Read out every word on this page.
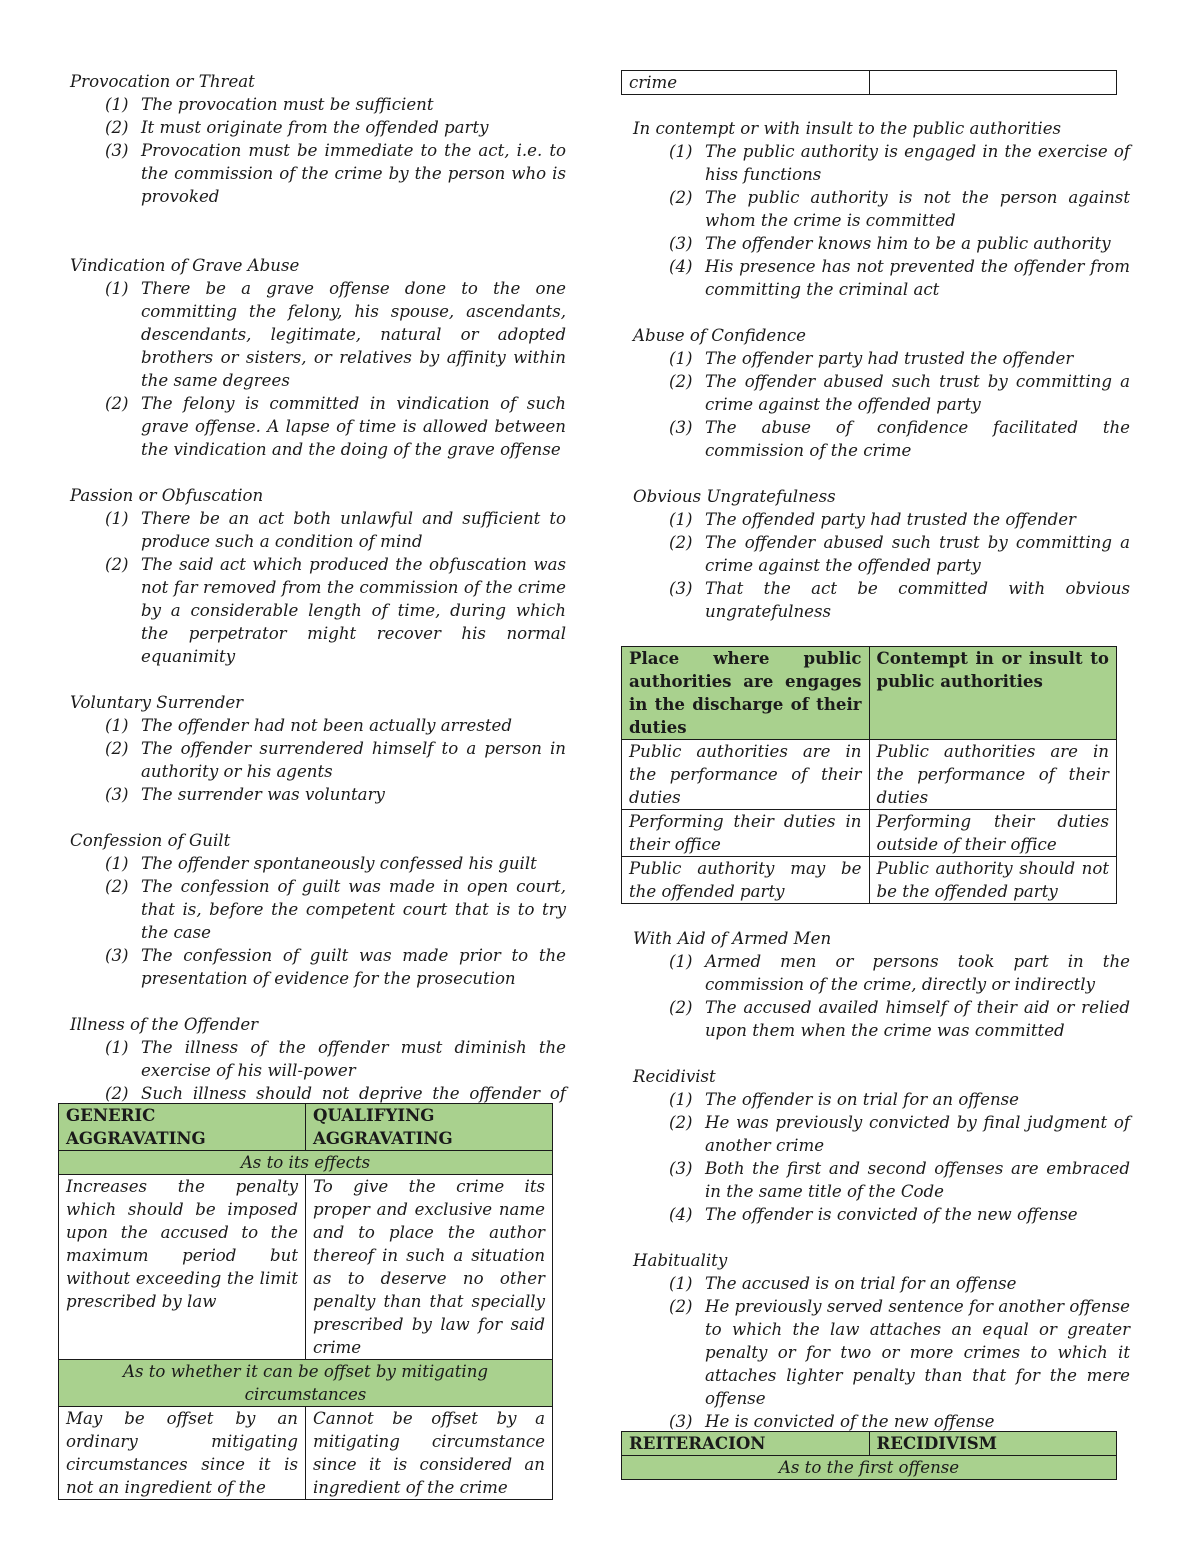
Provocation or Threat
(1) The provocation must be sufficient
(2) It must originate from the offended party
(3) Provocation must be immediate to the act, i.e. to the commission of the crime by the person who is provoked
Vindication of Grave Abuse
(1) There be a grave offense done to the one committing the felony, his spouse, ascendants, descendants, legitimate, natural or adopted brothers or sisters, or relatives by affinity within the same degrees
(2) The felony is committed in vindication of such grave offense. A lapse of time is allowed between the vindication and the doing of the grave offense
Passion or Obfuscation
(1) There be an act both unlawful and sufficient to produce such a condition of mind
(2) The said act which produced the obfuscation was not far removed from the commission of the crime by a considerable length of time, during which the perpetrator might recover his normal equanimity
Voluntary Surrender
(1) The offender had not been actually arrested
(2) The offender surrendered himself to a person in authority or his agents
(3) The surrender was voluntary
Confession of Guilt
(1) The offender spontaneously confessed his guilt
(2) The confession of guilt was made in open court, that is, before the competent court that is to try the case
(3) The confession of guilt was made prior to the presentation of evidence for the prosecution
Illness of the Offender
(1) The illness of the offender must diminish the exercise of his will-power
(2) Such illness should not deprive the offender of
GENERIC AGGRAVATING	QUALIFYING AGGRAVATING
As to its effects	
Increases the penalty which should be imposed upon the accused to the maximum period but without exceeding the limit prescribed by law	To give the crime its proper and exclusive name and to place the author thereof in such a situation as to deserve no other penalty than that specially prescribed by law for said crime
As to whether it can be offset by mitigating circumstances	
May be offset by an ordinary mitigating circumstances since it is not an ingredient of the	Cannot be offset by a mitigating circumstance since it is considered an ingredient of the crime
crime	
In contempt or with insult to the public authorities
(1) The public authority is engaged in the exercise of hiss functions
(2) The public authority is not the person against whom the crime is committed
(3) The offender knows him to be a public authority
(4) His presence has not prevented the offender from committing the criminal act
Abuse of Confidence
(1) The offender party had trusted the offender
(2) The offender abused such trust by committing a crime against the offended party
(3) The abuse of confidence facilitated the commission of the crime
Obvious Ungratefulness
(1) The offended party had trusted the offender
(2) The offender abused such trust by committing a crime against the offended party
(3) That the act be committed with obvious ungratefulness
Place where public authorities are engages in the discharge of their duties	Contempt in or insult to public authorities
Public authorities are in the performance of their duties	Public authorities are in the performance of their duties
Performing their duties in their office	Performing their duties outside of their office
Public authority may be the offended party	Public authority should not be the offended party
With Aid of Armed Men
(1) Armed men or persons took part in the commission of the crime, directly or indirectly
(2) The accused availed himself of their aid or relied upon them when the crime was committed
Recidivist
(1) The offender is on trial for an offense
(2) He was previously convicted by final judgment of another crime
(3) Both the first and second offenses are embraced in the same title of the Code
(4) The offender is convicted of the new offense
Habituality
(1) The accused is on trial for an offense
(2) He previously served sentence for another offense to which the law attaches an equal or greater penalty or for two or more crimes to which it attaches lighter penalty than that for the mere offense
(3) He is convicted of the new offense
REITERACION	RECIDIVISM
As to the first offense
